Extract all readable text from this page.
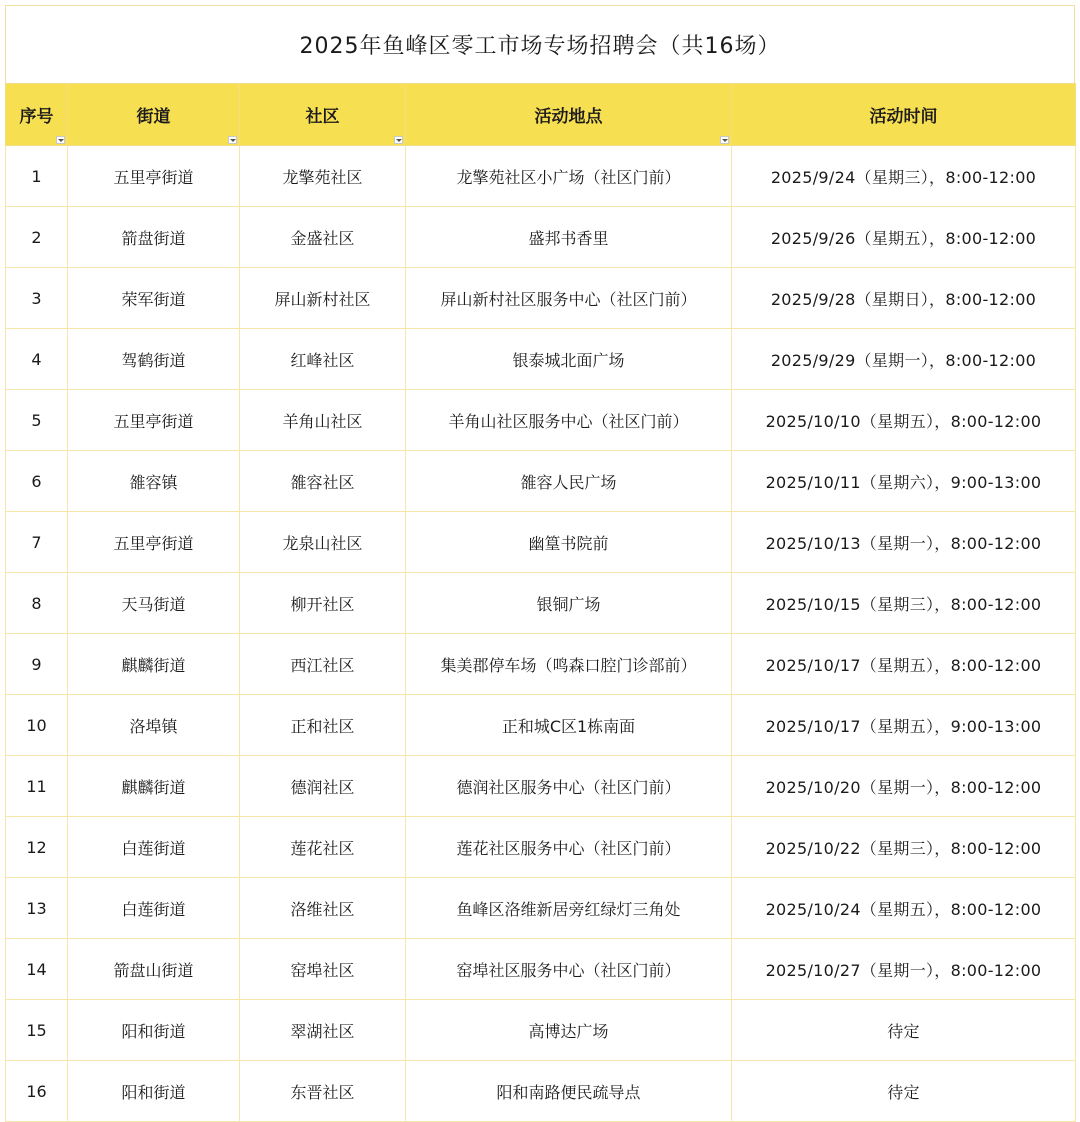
2025年鱼峰区零工市场专场招聘会（共16场）
序号	街道	社区	活动地点	活动时间
1	五里亭街道	龙擎苑社区	龙擎苑社区小广场（社区门前）	2025/9/24（星期三），8:00-12:00
2	箭盘街道	金盛社区	盛邦书香里	2025/9/26（星期五），8:00-12:00
3	荣军街道	屏山新村社区	屏山新村社区服务中心（社区门前）	2025/9/28（星期日），8:00-12:00
4	驾鹤街道	红峰社区	银泰城北面广场	2025/9/29（星期一），8:00-12:00
5	五里亭街道	羊角山社区	羊角山社区服务中心（社区门前）	2025/10/10（星期五），8:00-12:00
6	雒容镇	雒容社区	雒容人民广场	2025/10/11（星期六），9:00-13:00
7	五里亭街道	龙泉山社区	幽篁书院前	2025/10/13（星期一），8:00-12:00
8	天马街道	柳开社区	银铜广场	2025/10/15（星期三），8:00-12:00
9	麒麟街道	西江社区	集美郡停车场（鸣森口腔门诊部前）	2025/10/17（星期五），8:00-12:00
10	洛埠镇	正和社区	正和城C区1栋南面	2025/10/17（星期五），9:00-13:00
11	麒麟街道	德润社区	德润社区服务中心（社区门前）	2025/10/20（星期一），8:00-12:00
12	白莲街道	莲花社区	莲花社区服务中心（社区门前）	2025/10/22（星期三），8:00-12:00
13	白莲街道	洛维社区	鱼峰区洛维新居旁红绿灯三角处	2025/10/24（星期五），8:00-12:00
14	箭盘山街道	窑埠社区	窑埠社区服务中心（社区门前）	2025/10/27（星期一），8:00-12:00
15	阳和街道	翠湖社区	高博达广场	待定
16	阳和街道	东晋社区	阳和南路便民疏导点	待定
